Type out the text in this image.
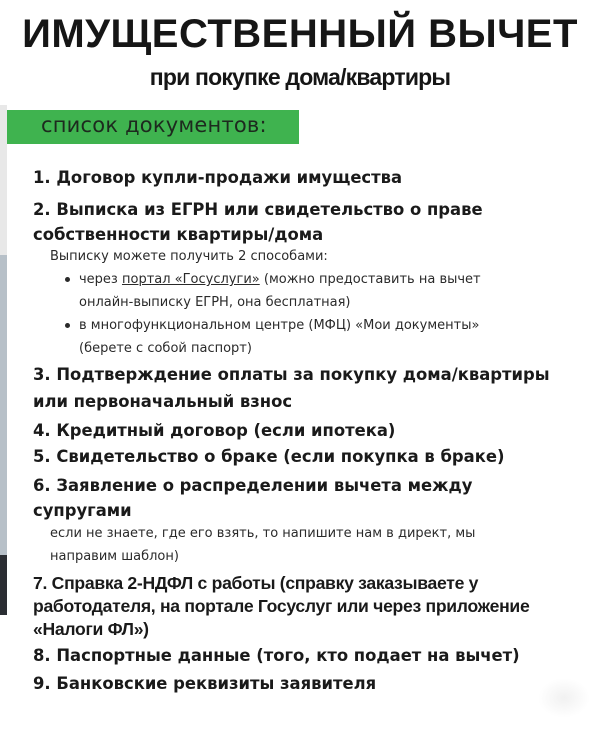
ИМУЩЕСТВЕННЫЙ ВЫЧЕТ
при покупке дома/квартиры
список документов:
1. Договор купли-продажи имущества
2. Выписка из ЕГРН или свидетельство о праве
собственности квартиры/дома
Выписку можете получить 2 способами:
через портал «Госуслуги» (можно предоставить на вычет
онлайн-выписку ЕГРН, она бесплатная)
в многофункциональном центре (МФЦ) «Мои документы»
(берете с собой паспорт)
3. Подтверждение оплаты за покупку дома/квартиры
или первоначальный взнос
4. Кредитный договор (если ипотека)
5. Свидетельство о браке (если покупка в браке)
6. Заявление о распределении вычета между
супругами
если не знаете, где его взять, то напишите нам в директ, мы
направим шаблон)
7. Справка 2-НДФЛ с работы (справку заказываете у
работодателя, на портале Госуслуг или через приложение
«Налоги ФЛ»)
8. Паспортные данные (того, кто подает на вычет)
9. Банковские реквизиты заявителя
